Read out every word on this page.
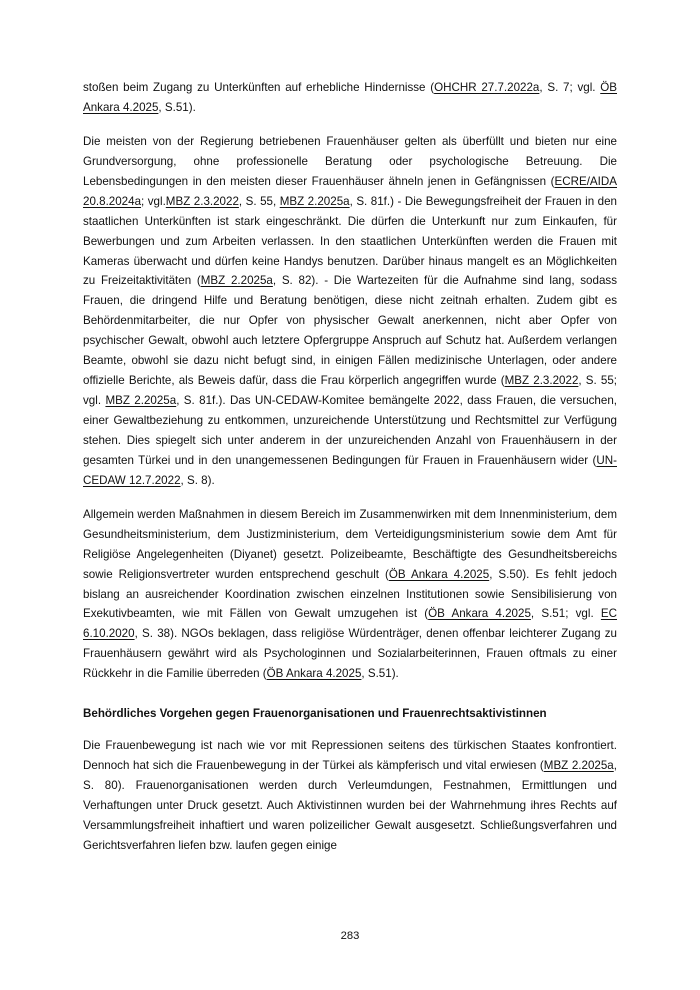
stoßen beim Zugang zu Unterkünften auf erhebliche Hindernisse (OHCHR 27.7.2022a, S. 7; vgl. ÖB Ankara 4.2025, S.51).

Die meisten von der Regierung betriebenen Frauenhäuser gelten als überfüllt und bieten nur eine Grundversorgung, ohne professionelle Beratung oder psychologische Betreuung. Die Lebensbedingungen in den meisten dieser Frauenhäuser ähneln jenen in Gefängnissen (ECRE/AIDA 20.8.2024a; vgl.MBZ 2.3.2022, S. 55, MBZ 2.2025a, S. 81f.) - Die Bewegungsfreiheit der Frauen in den staatlichen Unterkünften ist stark eingeschränkt. Die dürfen die Unterkunft nur zum Einkaufen, für Bewerbungen und zum Arbeiten verlassen. In den staatlichen Unterkünften werden die Frauen mit Kameras überwacht und dürfen keine Handys benutzen. Darüber hinaus mangelt es an Möglichkeiten zu Freizeitaktivitäten (MBZ 2.2025a, S. 82). - Die Wartezeiten für die Aufnahme sind lang, sodass Frauen, die dringend Hilfe und Beratung benötigen, diese nicht zeitnah erhalten. Zudem gibt es Behördenmitarbeiter, die nur Opfer von physischer Gewalt anerkennen, nicht aber Opfer von psychischer Gewalt, obwohl auch letztere Opfergruppe Anspruch auf Schutz hat. Außerdem verlangen Beamte, obwohl sie dazu nicht befugt sind, in einigen Fällen medizinische Unterlagen, oder andere offizielle Berichte, als Beweis dafür, dass die Frau körperlich angegriffen wurde (MBZ 2.3.2022, S. 55; vgl. MBZ 2.2025a, S. 81f.). Das UN-CEDAW-Komitee bemängelte 2022, dass Frauen, die versuchen, einer Gewaltbeziehung zu entkommen, unzureichende Unterstützung und Rechtsmittel zur Verfügung stehen. Dies spiegelt sich unter anderem in der unzureichenden Anzahl von Frauenhäusern in der gesamten Türkei und in den unangemessenen Bedingungen für Frauen in Frauenhäusern wider (UN-CEDAW 12.7.2022, S. 8).

Allgemein werden Maßnahmen in diesem Bereich im Zusammenwirken mit dem Innenministerium, dem Gesundheitsministerium, dem Justizministerium, dem Verteidigungsministerium sowie dem Amt für Religiöse Angelegenheiten (Diyanet) gesetzt. Polizeibeamte, Beschäftigte des Gesundheitsbereichs sowie Religionsvertreter wurden entsprechend geschult (ÖB Ankara 4.2025, S.50). Es fehlt jedoch bislang an ausreichender Koordination zwischen einzelnen Institutionen sowie Sensibilisierung von Exekutivbeamten, wie mit Fällen von Gewalt umzugehen ist (ÖB Ankara 4.2025, S.51; vgl. EC 6.10.2020, S. 38). NGOs beklagen, dass religiöse Würdenträger, denen offenbar leichterer Zugang zu Frauenhäusern gewährt wird als Psychologinnen und Sozialarbeiterinnen, Frauen oftmals zu einer Rückkehr in die Familie überreden (ÖB Ankara 4.2025, S.51).

Behördliches Vorgehen gegen Frauenorganisationen und Frauenrechtsaktivistinnen

Die Frauenbewegung ist nach wie vor mit Repressionen seitens des türkischen Staates konfrontiert. Dennoch hat sich die Frauenbewegung in der Türkei als kämpferisch und vital erwiesen (MBZ 2.2025a, S. 80). Frauenorganisationen werden durch Verleumdungen, Festnahmen, Ermittlungen und Verhaftungen unter Druck gesetzt. Auch Aktivistinnen wurden bei der Wahrnehmung ihres Rechts auf Versammlungsfreiheit inhaftiert und waren polizeilicher Gewalt ausgesetzt. Schließungsverfahren und Gerichtsverfahren liefen bzw. laufen gegen einige

283
